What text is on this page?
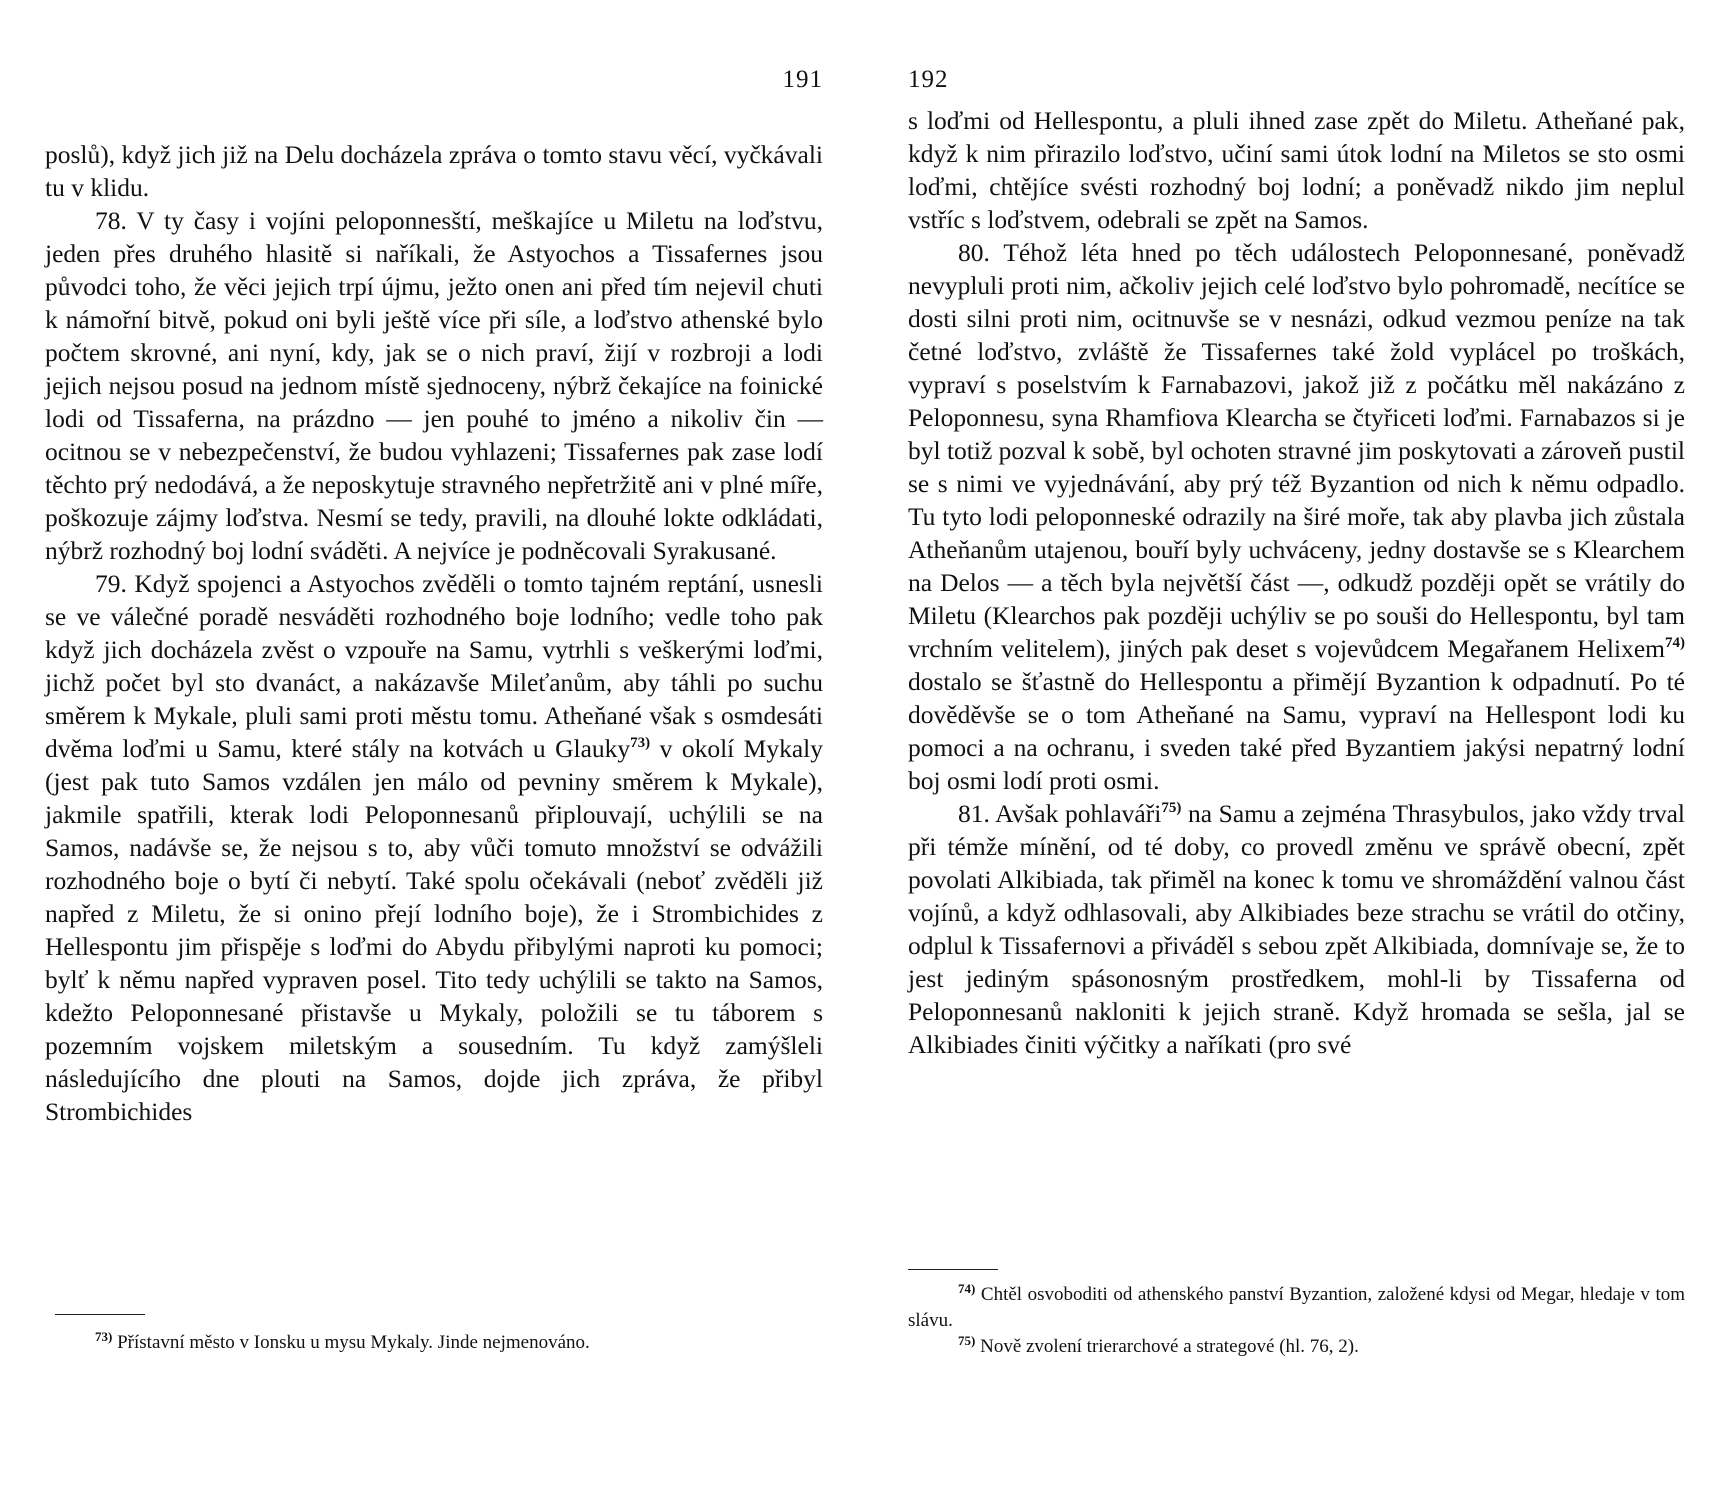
191

poslů), když jich již na Delu docházela zpráva o tomto stavu věcí, vyčkávali tu v klidu.

78. V ty časy i vojíni peloponnesští, meškajíce u Miletu na loďstvu, jeden přes druhého hlasitě si naříkali, že Astyochos a Tissafernes jsou původci toho, že věci jejich trpí újmu, ježto onen ani před tím nejevil chuti k námořní bitvě, pokud oni byli ještě více při síle, a loďstvo athenské bylo počtem skrovné, ani nyní, kdy, jak se o nich praví, žijí v rozbroji a lodi jejich nejsou posud na jednom místě sjednoceny, nýbrž čekajíce na foinické lodi od Tissaferna, na prázdno — jen pouhé to jméno a nikoliv čin — ocitnou se v nebezpečenství, že budou vyhlazeni; Tissafernes pak zase lodí těchto prý nedodává, a že neposkytuje stravného nepřetržitě ani v plné míře, poškozuje zájmy loďstva. Nesmí se tedy, pravili, na dlouhé lokte odkládati, nýbrž rozhodný boj lodní sváděti. A nejvíce je podněcovali Syrakusané.

79. Když spojenci a Astyochos zvěděli o tomto tajném reptání, usnesli se ve válečné poradě nesváděti rozhodného boje lodního; vedle toho pak když jich docházela zvěst o vzpouře na Samu, vytrhli s veškerými loďmi, jichž počet byl sto dvanáct, a nakázavše Mileťanům, aby táhli po suchu směrem k Mykale, pluli sami proti městu tomu. Atheňané však s osmdesáti dvěma loďmi u Samu, které stály na kotvách u Glauky$^{73)}$ v okolí Mykaly (jest pak tuto Samos vzdálen jen málo od pevniny směrem k Mykale), jakmile spatřili, kterak lodi Peloponnesanů připlouvají, uchýlili se na Samos, nadávše se, že nejsou s to, aby vůči tomuto množství se odvážili rozhodného boje o bytí či nebytí. Také spolu očekávali (neboť zvěděli již napřed z Miletu, že si onino přejí lodního boje), že i Strombichides z Hellespontu jim přispěje s loďmi do Abydu přibylými naproti ku pomoci; bylť k němu napřed vypraven posel. Tito tedy uchýlili se takto na Samos, kdežto Peloponnesané přistavše u Mykaly, položili se tu táborem s pozemním vojskem miletským a sousedním. Tu když zamýšleli následujícího dne plouti na Samos, dojde jich zpráva, že přibyl Strombichides

$^{73)}$ Přístavní město v Ionsku u mysu Mykaly. Jinde nejmenováno.

192

s loďmi od Hellespontu, a pluli ihned zase zpět do Miletu. Atheňané pak, když k nim přirazilo loďstvo, učiní sami útok lodní na Miletos se sto osmi loďmi, chtějíce svésti rozhodný boj lodní; a poněvadž nikdo jim neplul vstříc s loďstvem, odebrali se zpět na Samos.

80. Téhož léta hned po těch událostech Peloponnesané, poněvadž nevypluli proti nim, ačkoliv jejich celé loďstvo bylo pohromadě, necítíce se dosti silni proti nim, ocitnuvše se v nesnázi, odkud vezmou peníze na tak četné loďstvo, zvláště že Tissafernes také žold vyplácel po troškách, vypraví s poselstvím k Farnabazovi, jakož již z počátku měl nakázáno z Peloponnesu, syna Rhamfiova Klearcha se čtyřiceti loďmi. Farnabazos si je byl totiž pozval k sobě, byl ochoten stravné jim poskytovati a zároveň pustil se s nimi ve vyjednávání, aby prý též Byzantion od nich k němu odpadlo. Tu tyto lodi peloponneské odrazily na širé moře, tak aby plavba jich zůstala Atheňanům utajenou, bouří byly uchváceny, jedny dostavše se s Klearchem na Delos — a těch byla největší část —, odkudž později opět se vrátily do Miletu (Klearchos pak později uchýliv se po souši do Hellespontu, byl tam vrchním velitelem), jiných pak deset s vojevůdcem Megařanem Helixem$^{74)}$ dostalo se šťastně do Hellespontu a přimějí Byzantion k odpadnutí. Po té dověděvše se o tom Atheňané na Samu, vypraví na Hellespont lodi ku pomoci a na ochranu, i sveden také před Byzantiem jakýsi nepatrný lodní boj osmi lodí proti osmi.

81. Avšak pohlaváři$^{75)}$ na Samu a zejména Thrasybulos, jako vždy trval při témže mínění, od té doby, co provedl změnu ve správě obecní, zpět povolati Alkibiada, tak přiměl na konec k tomu ve shromáždění valnou část vojínů, a když odhlasovali, aby Alkibiades beze strachu se vrátil do otčiny, odplul k Tissafernovi a přiváděl s sebou zpět Alkibiada, domnívaje se, že to jest jediným spásonosným prostředkem, mohl-li by Tissaferna od Peloponnesanů nakloniti k jejich straně. Když hromada se sešla, jal se Alkibiades činiti výčitky a naříkati (pro své

$^{74)}$ Chtěl osvoboditi od athenského panství Byzantion, založené kdysi od Megar, hledaje v tom slávu.

$^{75)}$ Nově zvolení trierarchové a strategové (hl. 76, 2).
